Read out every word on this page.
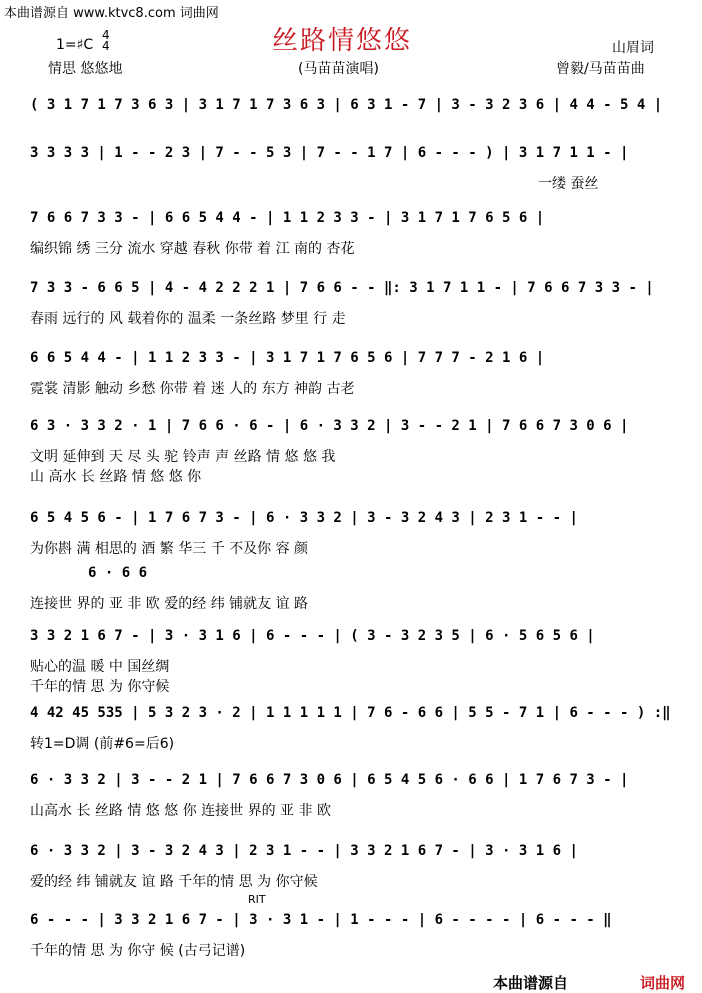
本曲谱源自 www.ktvc8.com 词曲网
丝路情悠悠
1=♯C
4
4
情思 悠悠地	(马苗苗演唱)
山眉词
曾毅/马苗苗曲
( 3 1 7 1 7 3 6 3 | 3 1 7 1 7 3 6 3 | 6 3 1 - 7 | 3 - 3 2 3 6 | 4 4 - 5 4 |
3 3 3 3 | 1 - - 2 3 | 7 - - 5 3 | 7 - - 1 7 | 6 - - - ) | 3 1 7 1 1 - |
一缕 蚕丝
7 6 6 7 3 3 - | 6 6 5 4 4 - | 1 1 2 3 3 - | 3 1 7 1 7 6 5 6 |
编织锦 绣 三分 流水 穿越 春秋 你带 着 江 南的 杏花
7 3 3 - 6 6 5 | 4 - 4 2 2 2 1 | 7 6 6 - - ‖: 3 1 7 1 1 - | 7 6 6 7 3 3 - |
春雨 远行的 风 载着你的 温柔 一条丝路 梦里 行 走
6 6 5 4 4 - | 1 1 2 3 3 - | 3 1 7 1 7 6 5 6 | 7 7 7 - 2 1 6 |
霓裳 清影 触动 乡愁 你带 着 迷 人的 东方 神韵 古老
6 3 · 3 3 2 · 1 | 7 6 6 · 6 - | 6 · 3 3 2 | 3 - - 2 1 | 7 6 6 7 3 0 6 |
文明 延伸到 天 尽 头 驼 铃声 声 丝路 情 悠 悠 我
山 高水 长 丝路 情 悠 悠 你
6 5 4 5 6 - | 1 7 6 7 3 - | 6 · 3 3 2 | 3 - 3 2 4 3 | 2 3 1 - - |
为你斟 满 相思的 酒 繁 华三 千 不及你 容 颜
6 · 6 6
连接世 界的 亚 非 欧 爱的经 纬 铺就友 谊 路
3 3 2 1 6 7 - | 3 · 3 1 6 | 6 - - - | ( 3 - 3 2 3 5 | 6 · 5 6 5 6 |
贴心的温 暖 中 国丝绸
千年的情 思 为 你守候
4 42 45 535 | 5 3 2 3 · 2 | 1 1 1 1 1 | 7 6 - 6 6 | 5 5 - 7 1 | 6 - - - ) :‖
转1=D调 (前#6=后6)
6 · 3 3 2 | 3 - - 2 1 | 7 6 6 7 3 0 6 | 6 5 4 5 6 · 6 6 | 1 7 6 7 3 - |
山高水 长 丝路 情 悠 悠 你 连接世 界的 亚 非 欧
6 · 3 3 2 | 3 - 3 2 4 3 | 2 3 1 - - | 3 3 2 1 6 7 - | 3 · 3 1 6 |
爱的经 纬 铺就友 谊 路 千年的情 思 为 你守候
6 - - - | 3 3 2 1 6 7 - | 3 · 3 1 - | 1 - - - | 6 - - - - | 6 - - - ‖
千年的情 思 为 你守 候 (古弓记谱)
RIT
本曲谱源自	词曲网
